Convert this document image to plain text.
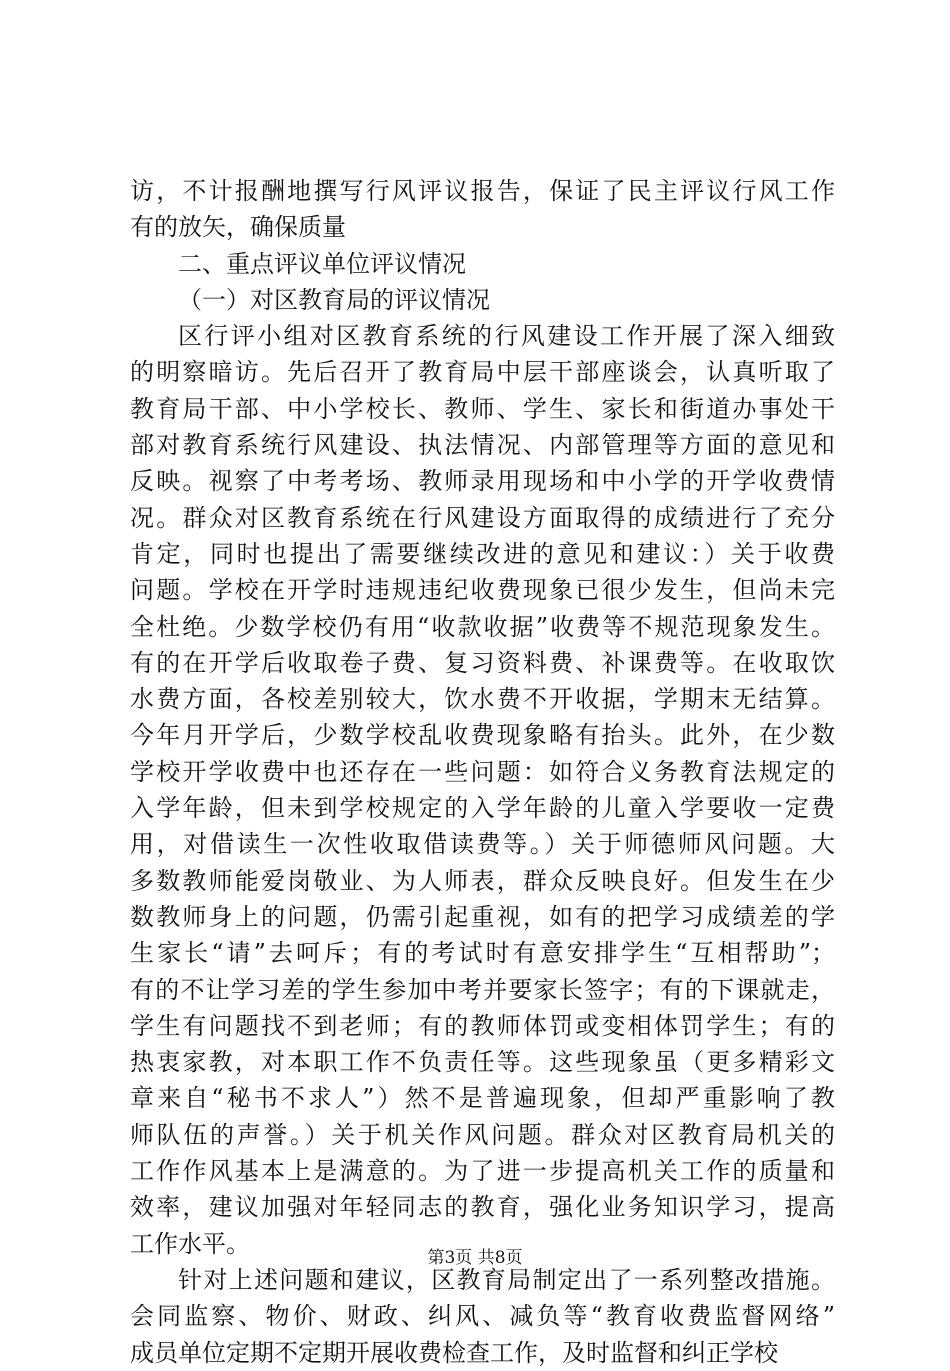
访，不计报酬地撰写行风评议报告，保证了民主评议行风工作
有的放矢，确保质量
二、重点评议单位评议情况
（一）对区教育局的评议情况
区行评小组对区教育系统的行风建设工作开展了深入细致
的明察暗访。先后召开了教育局中层干部座谈会，认真听取了
教育局干部、中小学校长、教师、学生、家长和街道办事处干
部对教育系统行风建设、执法情况、内部管理等方面的意见和
反映。视察了中考考场、教师录用现场和中小学的开学收费情
况。群众对区教育系统在行风建设方面取得的成绩进行了充分
肯定，同时也提出了需要继续改进的意见和建议：）关于收费
问题。学校在开学时违规违纪收费现象已很少发生，但尚未完
全杜绝。少数学校仍有用“收款收据”收费等不规范现象发生。
有的在开学后收取卷子费、复习资料费、补课费等。在收取饮
水费方面，各校差别较大，饮水费不开收据，学期末无结算。
今年月开学后，少数学校乱收费现象略有抬头。此外，在少数
学校开学收费中也还存在一些问题：如符合义务教育法规定的
入学年龄，但未到学校规定的入学年龄的儿童入学要收一定费
用，对借读生一次性收取借读费等。）关于师德师风问题。大
多数教师能爱岗敬业、为人师表，群众反映良好。但发生在少
数教师身上的问题，仍需引起重视，如有的把学习成绩差的学
生家长“请”去呵斥；有的考试时有意安排学生“互相帮助”；
有的不让学习差的学生参加中考并要家长签字；有的下课就走，
学生有问题找不到老师；有的教师体罚或变相体罚学生；有的
热衷家教，对本职工作不负责任等。这些现象虽（更多精彩文
章来自“秘书不求人”）然不是普遍现象，但却严重影响了教
师队伍的声誉。）关于机关作风问题。群众对区教育局机关的
工作作风基本上是满意的。为了进一步提高机关工作的质量和
效率，建议加强对年轻同志的教育，强化业务知识学习，提高
工作水平。
针对上述问题和建议，区教育局制定出了一系列整改措施。
会同监察、物价、财政、纠风、减负等“教育收费监督网络”
成员单位定期不定期开展收费检查工作，及时监督和纠正学校
第3页 共8页
